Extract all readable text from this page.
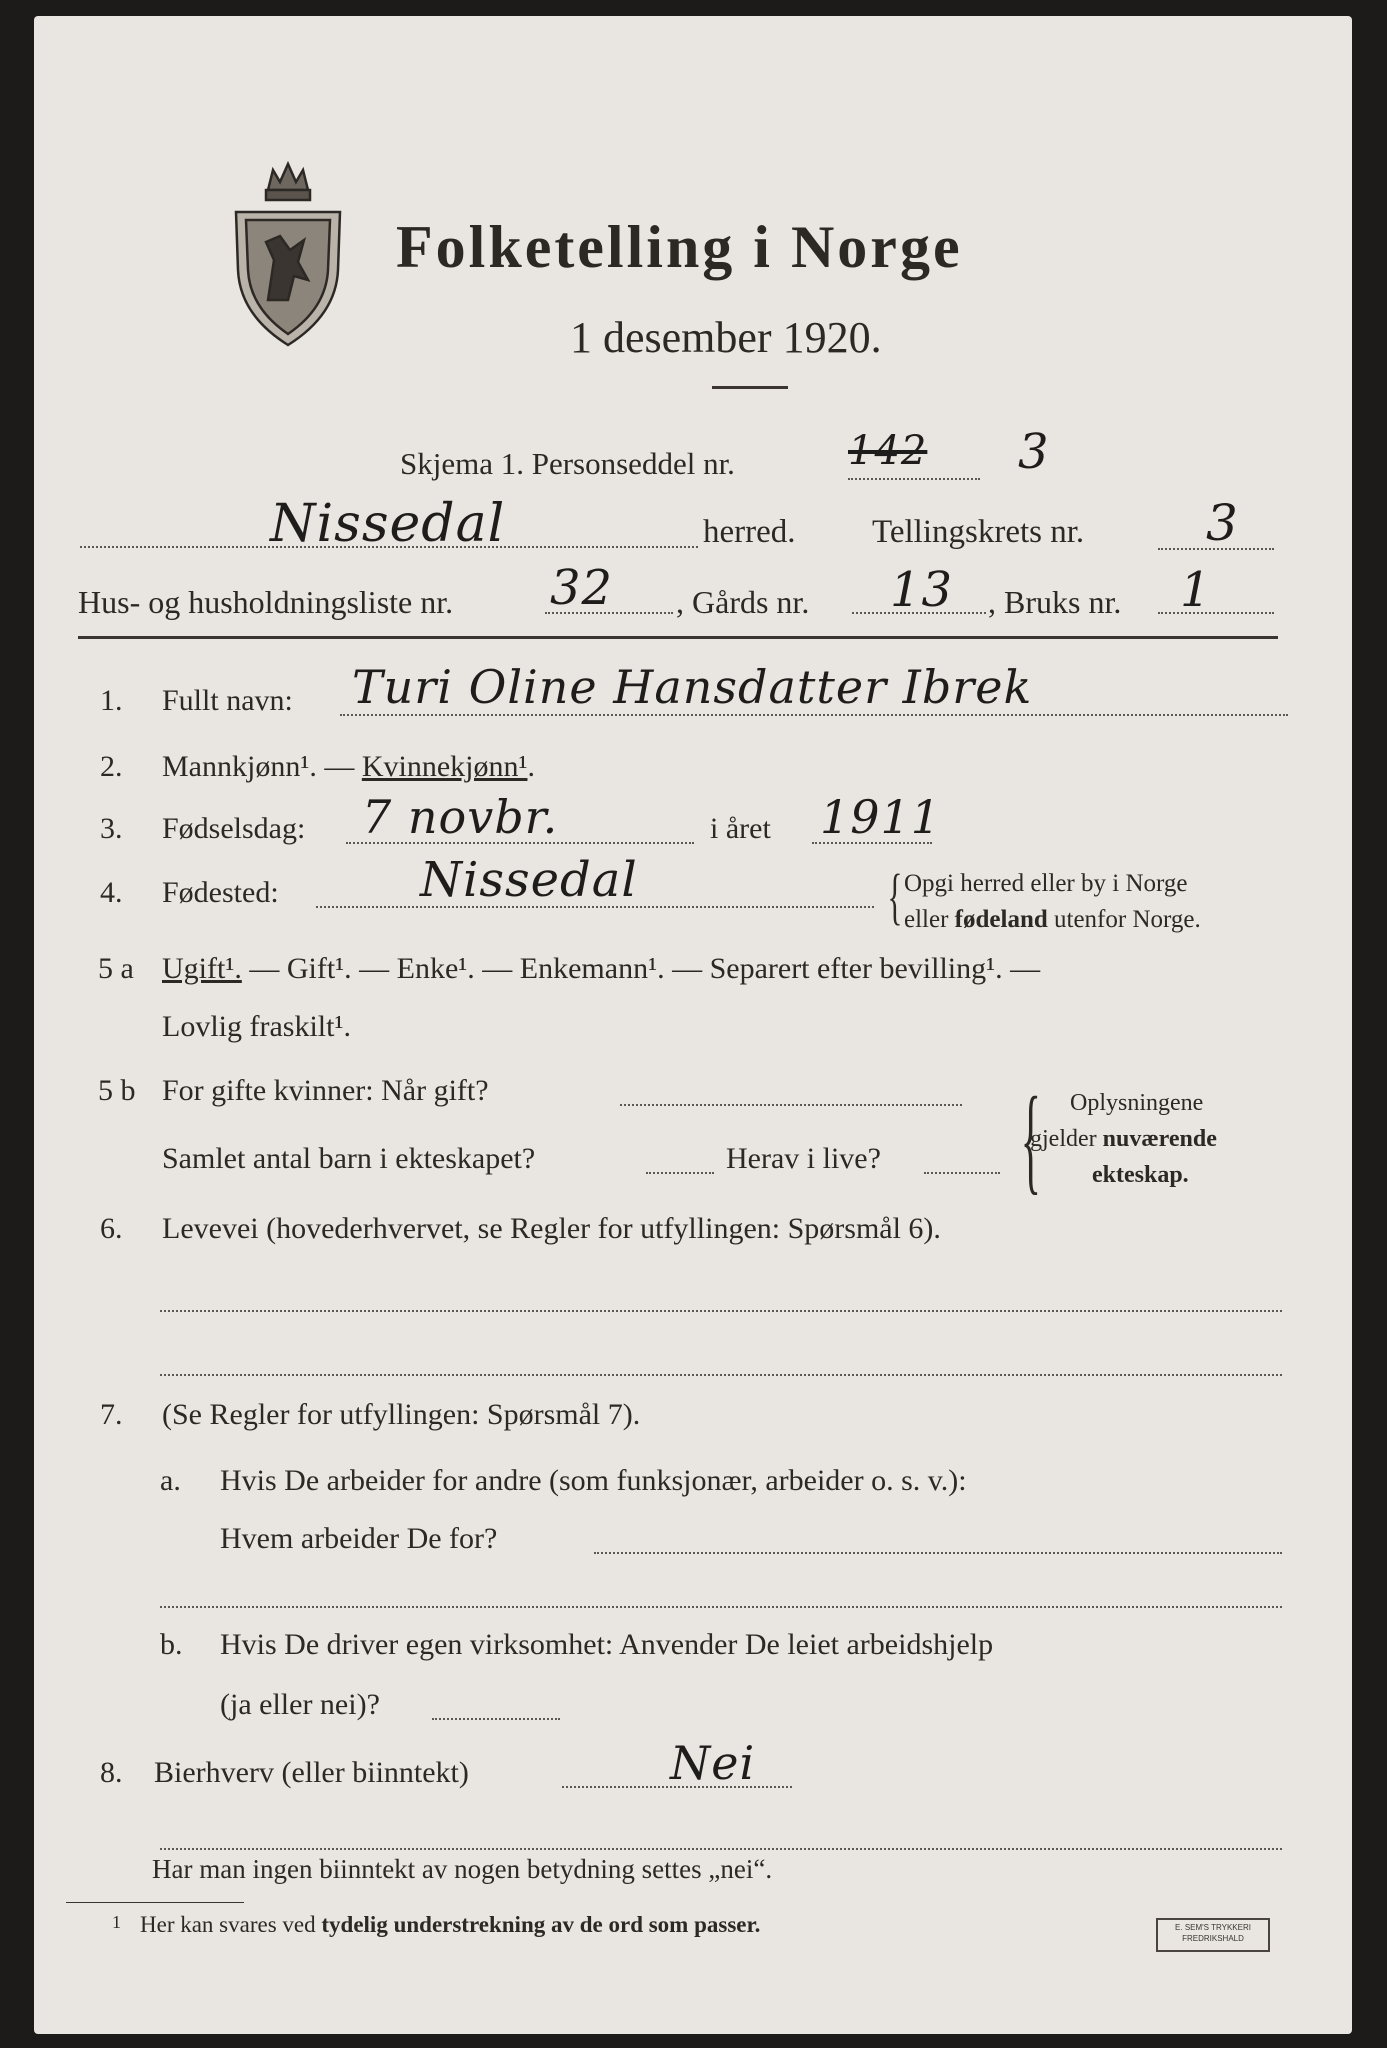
Folketelling i Norge
1 desember 1920.
Skjema 1. Personseddel nr.	142 3
Nissedal	herred. Tellingskrets nr. 3
Hus- og husholdningsliste nr. 32 , Gårds nr. 13 , Bruks nr. 1
1. Fullt navn: Turi Oline Hansdatter Ibrek
2. Mannkjønn¹. — Kvinnekjønn¹.
3. Fødselsdag: 7 novbr.	i året 1911
4. Fødested:	Nissedal	{ Opgi herred eller by i Norge
eller fødeland utenfor Norge.
5 a Ugift¹. — Gift¹. — Enke¹. — Enkemann¹. — Separert efter bevilling¹. —
Lovlig fraskilt¹.
5 b For gifte kvinner: Når gift?
Samlet antal barn i ekteskapet?	Herav i live? { Oplysningene
gjelder nuværende
ekteskap.
6. Levevei (hovederhvervet, se Regler for utfyllingen: Spørsmål 6).
7. (Se Regler for utfyllingen: Spørsmål 7).
a. Hvis De arbeider for andre (som funksjonær, arbeider o. s. v.):
Hvem arbeider De for?
b. Hvis De driver egen virksomhet: Anvender De leiet arbeidshjelp
(ja eller nei)?
8. Bierhverv (eller biinntekt)	Nei
Har man ingen biinntekt av nogen betydning settes „nei“.
1 Her kan svares ved tydelig understrekning av de ord som passer.	E. SEM'S TRYKKERI
FREDRIKSHALD
